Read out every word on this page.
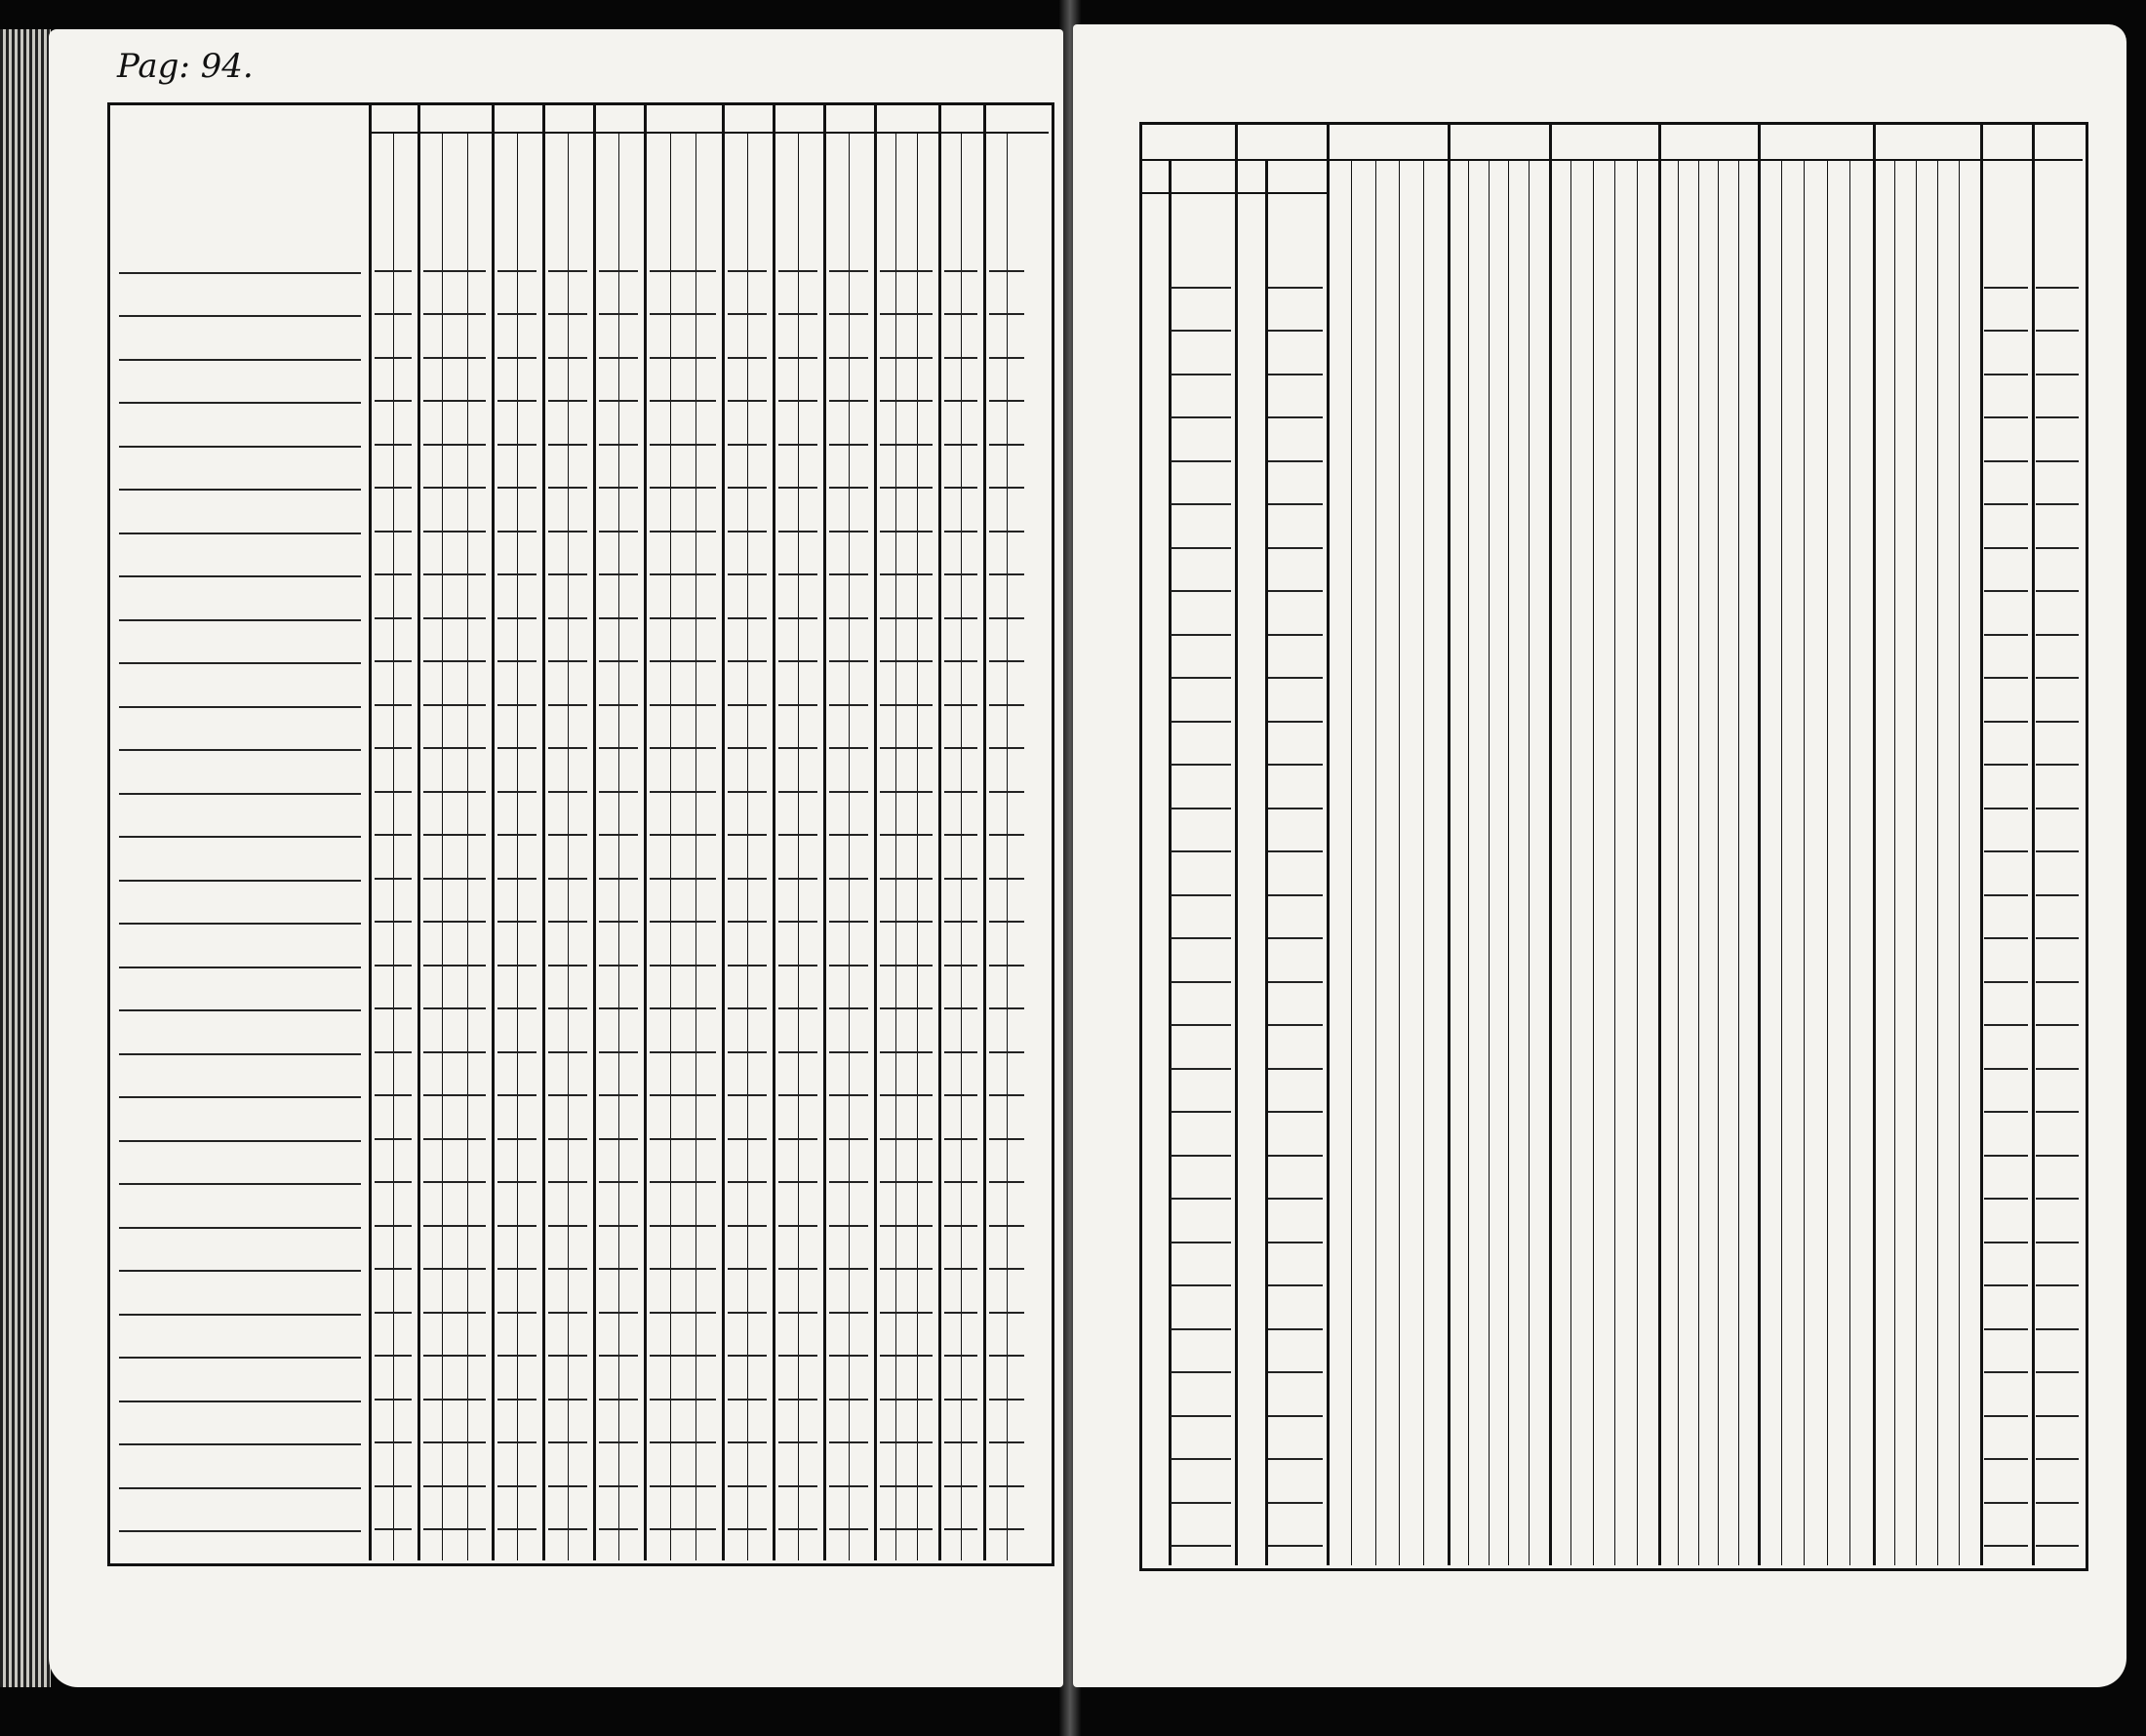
Pag: 94.
